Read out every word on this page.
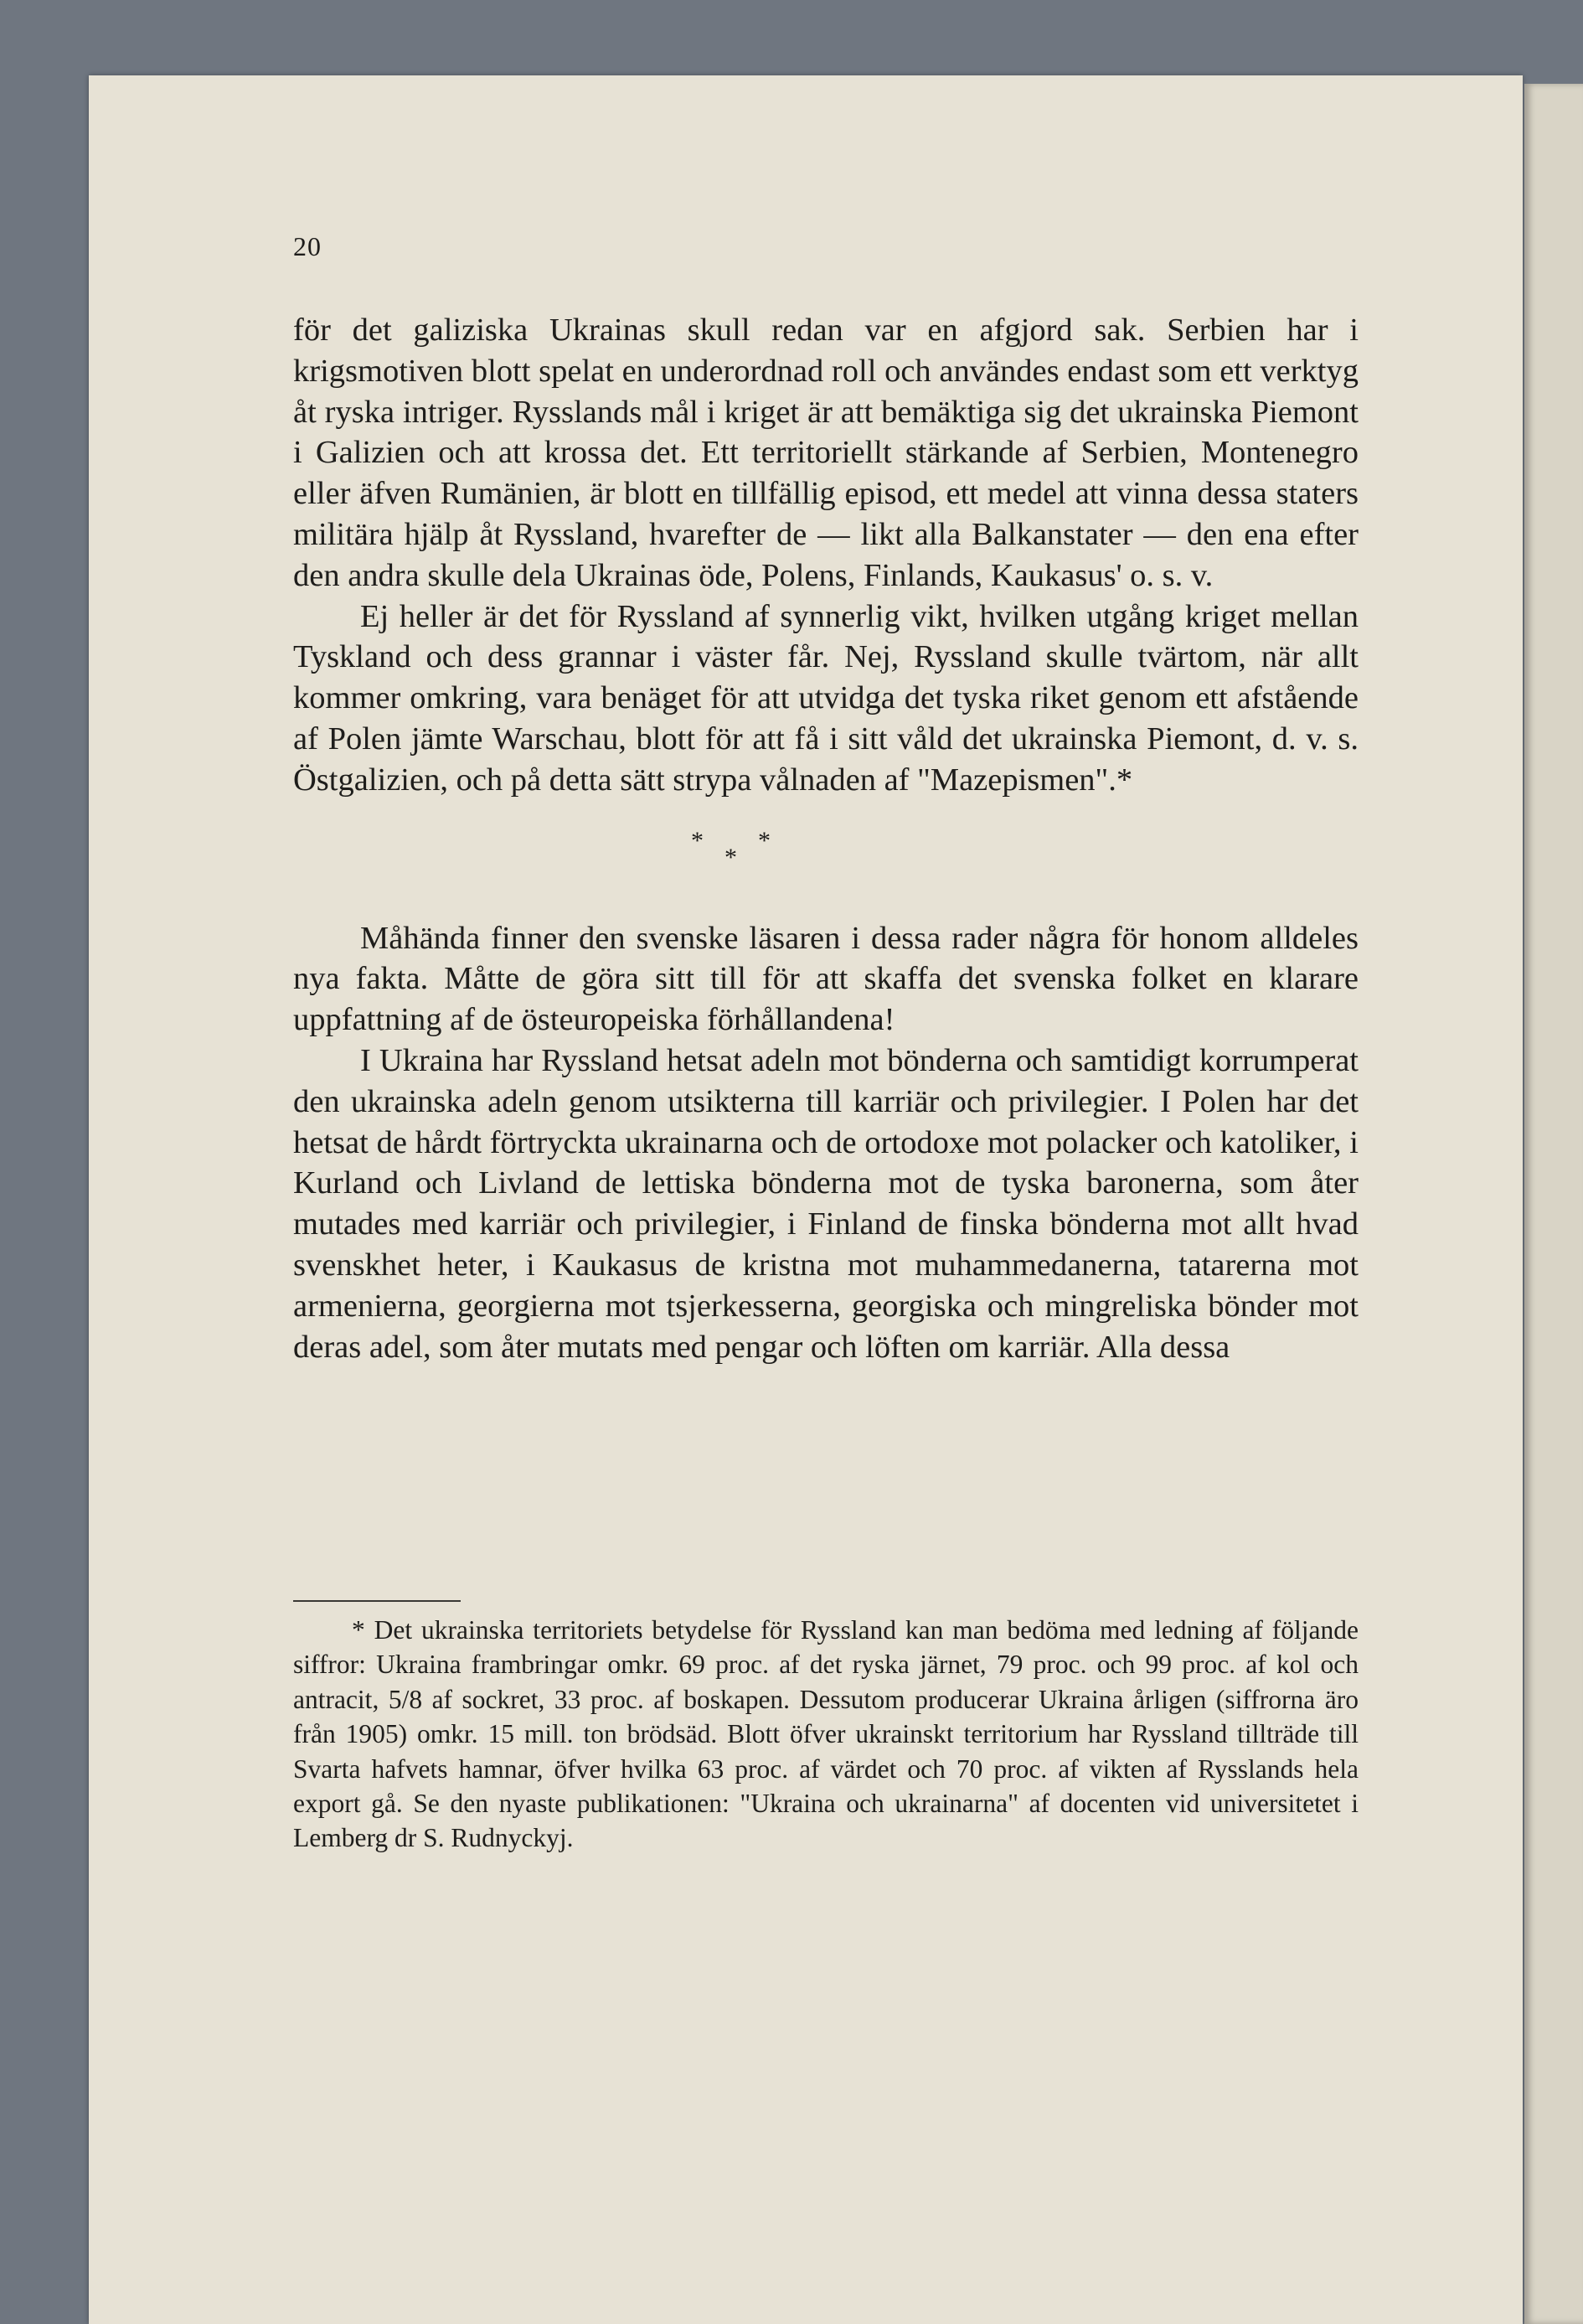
20

för det galiziska Ukrainas skull redan var en afgjord sak. Serbien har i krigsmotiven blott spelat en underordnad roll och användes endast som ett verktyg åt ryska intriger. Rysslands mål i kriget är att bemäktiga sig det ukrainska Piemont i Galizien och att krossa det. Ett territoriellt stärkande af Serbien, Montenegro eller äfven Rumänien, är blott en tillfällig episod, ett medel att vinna dessa staters militära hjälp åt Ryssland, hvarefter de — likt alla Balkanstater — den ena efter den andra skulle dela Ukrainas öde, Polens, Finlands, Kaukasus' o. s. v.

Ej heller är det för Ryssland af synnerlig vikt, hvilken utgång kriget mellan Tyskland och dess grannar i väster får. Nej, Ryssland skulle tvärtom, när allt kommer omkring, vara benäget för att utvidga det tyska riket genom ett afstående af Polen jämte Warschau, blott för att få i sitt våld det ukrainska Piemont, d. v. s. Östgalizien, och på detta sätt strypa vålnaden af "Mazepismen".*

* *
*

Måhända finner den svenske läsaren i dessa rader några för honom alldeles nya fakta. Måtte de göra sitt till för att skaffa det svenska folket en klarare uppfattning af de östeuropeiska förhållandena!

I Ukraina har Ryssland hetsat adeln mot bönderna och samtidigt korrumperat den ukrainska adeln genom utsikterna till karriär och privilegier. I Polen har det hetsat de hårdt förtryckta ukrainarna och de ortodoxe mot polacker och katoliker, i Kurland och Livland de lettiska bönderna mot de tyska baronerna, som åter mutades med karriär och privilegier, i Finland de finska bönderna mot allt hvad svenskhet heter, i Kaukasus de kristna mot muhammedanerna, tatarerna mot armenierna, georgierna mot tsjerkesserna, georgiska och mingreliska bönder mot deras adel, som åter mutats med pengar och löften om karriär. Alla dessa

* Det ukrainska territoriets betydelse för Ryssland kan man bedöma med ledning af följande siffror: Ukraina frambringar omkr. 69 proc. af det ryska järnet, 79 proc. och 99 proc. af kol och antracit, 5/8 af sockret, 33 proc. af boskapen. Dessutom producerar Ukraina årligen (siffrorna äro från 1905) omkr. 15 mill. ton brödsäd. Blott öfver ukrainskt territorium har Ryssland tillträde till Svarta hafvets hamnar, öfver hvilka 63 proc. af värdet och 70 proc. af vikten af Rysslands hela export gå. Se den nyaste publikationen: "Ukraina och ukrainarna" af docenten vid universitetet i Lemberg dr S. Rudnyckyj.
